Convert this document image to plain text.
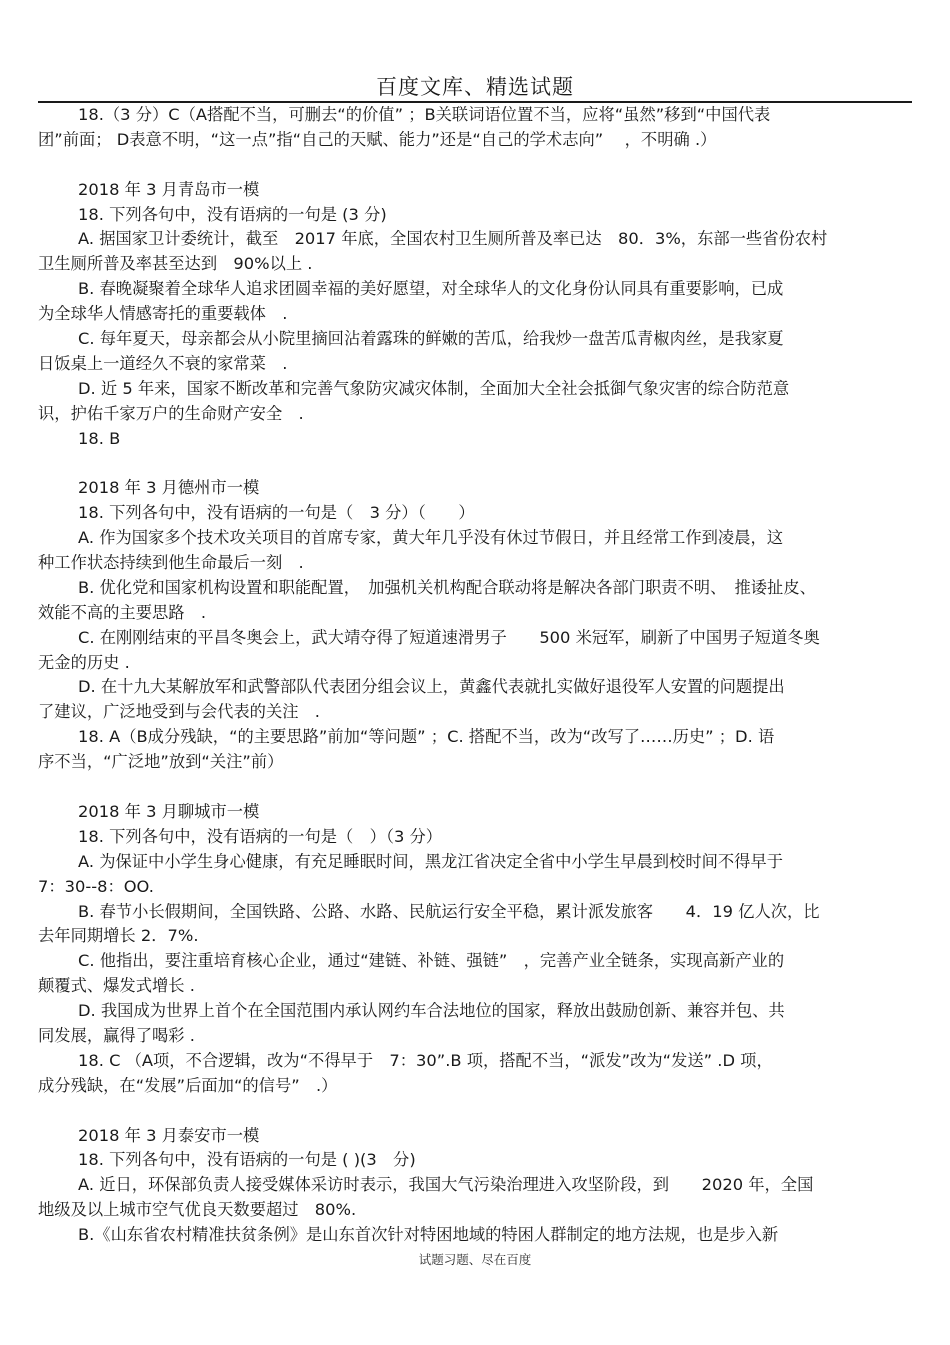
百度文库、精选试题
18.（3 分）C（A搭配不当，可删去“的价值” ；B关联词语位置不当，应将“虽然”移到“中国代表
团”前面； D表意不明，“这一点”指“自己的天赋、能力”还是“自己的学术志向”　 ，不明确 .）
2018 年 3 月青岛市一模
18. 下列各句中，没有语病的一句是 (3 分)
A. 据国家卫计委统计，截至　2017 年底，全国农村卫生厕所普及率已达　80．3%，东部一些省份农村
卫生厕所普及率甚至达到　90%以上 .
B. 春晚凝聚着全球华人追求团圆幸福的美好愿望，对全球华人的文化身份认同具有重要影响，已成
为全球华人情感寄托的重要载体　.
C. 每年夏天，母亲都会从小院里摘回沾着露珠的鲜嫩的苦瓜，给我炒一盘苦瓜青椒肉丝，是我家夏
日饭桌上一道经久不衰的家常菜　.
D. 近 5 年来，国家不断改革和完善气象防灾减灾体制，全面加大全社会抵御气象灾害的综合防范意
识，护佑千家万户的生命财产安全　.
18. B
2018 年 3 月德州市一模
18. 下列各句中，没有语病的一句是（　3 分）（　　）
A. 作为国家多个技术攻关项目的首席专家，黄大年几乎没有休过节假日，并且经常工作到凌晨，这
种工作状态持续到他生命最后一刻　.
B. 优化党和国家机构设置和职能配置，　加强机关机构配合联动将是解决各部门职责不明、　推诿扯皮、
效能不高的主要思路　.
C. 在刚刚结束的平昌冬奥会上，武大靖夺得了短道速滑男子　　500 米冠军，刷新了中国男子短道冬奥
无金的历史 .
D. 在十九大某解放军和武警部队代表团分组会议上，黄鑫代表就扎实做好退役军人安置的问题提出
了建议，广泛地受到与会代表的关注　.
18. A（B成分残缺，“的主要思路”前加“等问题” ；C. 搭配不当，改为“改写了……历史” ；D. 语
序不当，“广泛地”放到“关注”前）
2018 年 3 月聊城市一模
18. 下列各句中，没有语病的一句是（　）（3 分）
A. 为保证中小学生身心健康，有充足睡眠时间，黑龙江省决定全省中小学生早晨到校时间不得早于
7：30--8：OO.
B. 春节小长假期间，全国铁路、公路、水路、民航运行安全平稳，累计派发旅客　　4．19 亿人次，比
去年同期增长 2．7%.
C. 他指出，要注重培育核心企业，通过“建链、补链、强链”　，完善产业全链条，实现高新产业的
颠覆式、爆发式增长 .
D. 我国成为世界上首个在全国范围内承认网约车合法地位的国家，释放出鼓励创新、兼容并包、共
同发展，赢得了喝彩 .
18. C （A项，不合逻辑，改为“不得早于　7：30”.B 项，搭配不当，“派发”改为“发送” .D 项，
成分残缺，在“发展”后面加“的信号”　.）
2018 年 3 月泰安市一模
18. 下列各句中，没有语病的一句是 ( )(3　分)
A. 近日，环保部负责人接受媒体采访时表示，我国大气污染治理进入攻坚阶段，到　　2020 年，全国
地级及以上城市空气优良天数要超过　80%.
B.《山东省农村精准扶贫条例》是山东首次针对特困地域的特困人群制定的地方法规，也是步入新
试题习题、尽在百度
